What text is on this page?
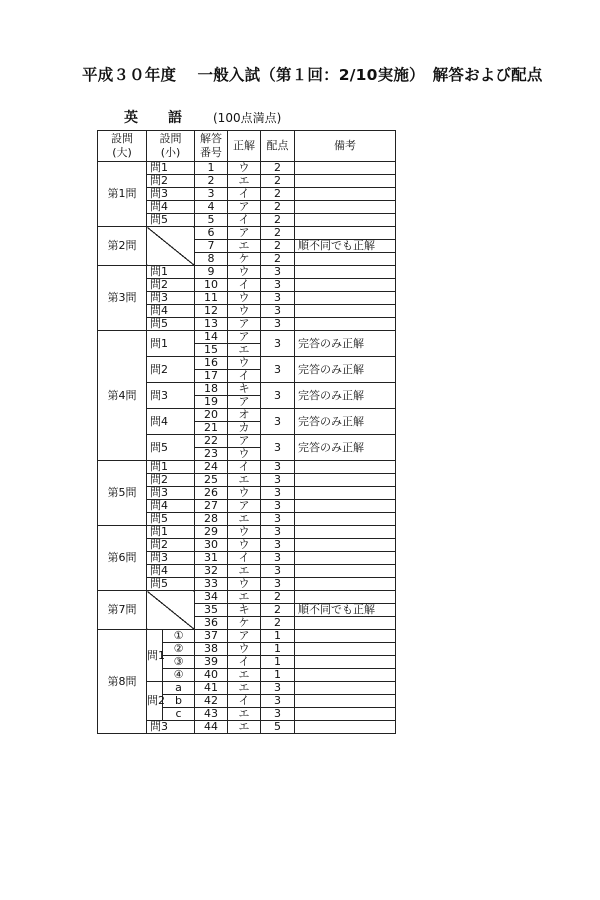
平成３０年度　 一般入試（第１回：2/10実施）　解答および配点
英　語 (100点満点)
設問
(大)	設問
(小)		解答
番号	正解	配点	備考
第1問	問1		1	ウ	2	
	問2		2	エ	2	
	問3		3	イ	2	
	問4		4	ア	2	
	問5		5	イ	2	
第2問			6	ア	2	
			7	エ	2	順不同でも正解
			8	ケ	2	
第3問	問1		9	ウ	3	
	問2		10	イ	3	
	問3		11	ウ	3	
	問4		12	ウ	3	
	問5		13	ア	3	
第4問	問1		14	ア	3	完答のみ正解
			15	エ		
	問2		16	ウ	3	完答のみ正解
			17	イ		
	問3		18	キ	3	完答のみ正解
			19	ア		
	問4		20	オ	3	完答のみ正解
			21	カ		
	問5		22	ア	3	完答のみ正解
			23	ウ		
第5問	問1		24	イ	3	
	問2		25	エ	3	
	問3		26	ウ	3	
	問4		27	ア	3	
	問5		28	エ	3	
第6問	問1		29	ウ	3	
	問2		30	ウ	3	
	問3		31	イ	3	
	問4		32	エ	3	
	問5		33	ウ	3	
第7問			34	エ	2	
			35	キ	2	順不同でも正解
			36	ケ	2	
第8問	問1	①	37	ア	1	
		②	38	ウ	1	
		③	39	イ	1	
		④	40	エ	1	
	問2	a	41	エ	3	
		b	42	イ	3	
		c	43	エ	3	
	問3		44	エ	5	
